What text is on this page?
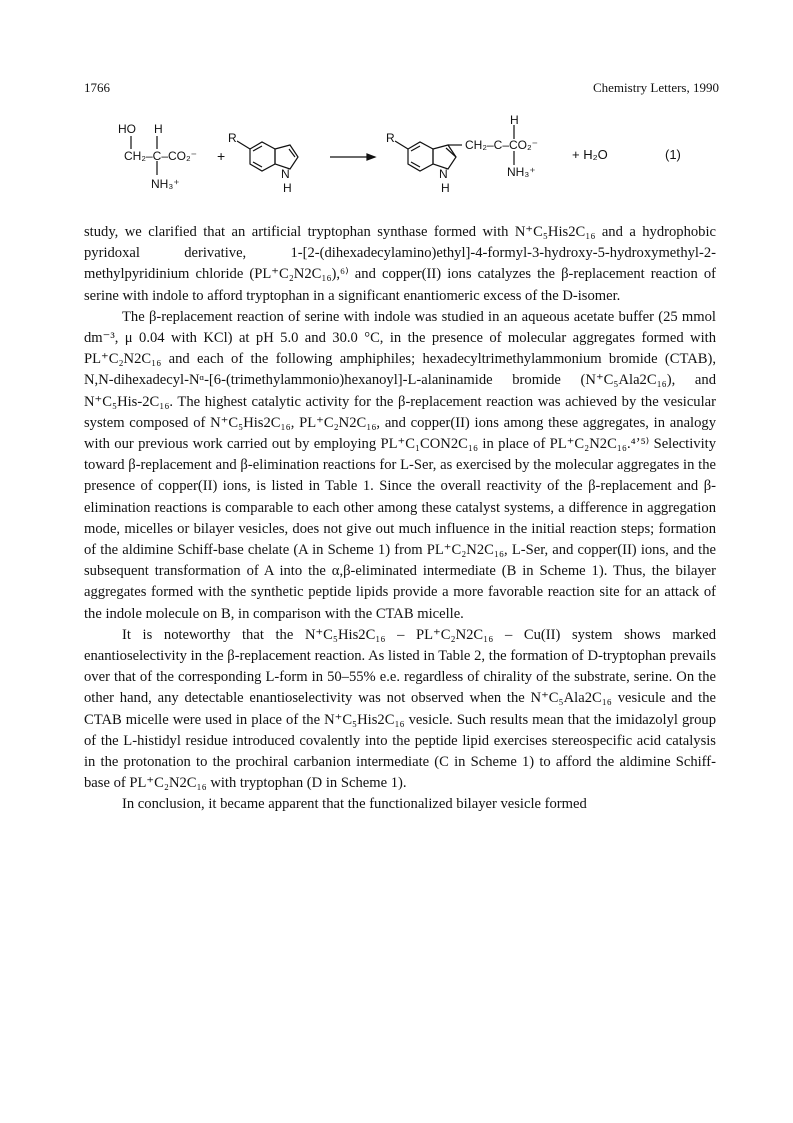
1766	Chemistry Letters, 1990
HO H
CH₂–C–CO₂⁻
NH₃⁺
+
R
N
H
R
H
CH₂–C–CO₂⁻
N
H
NH₃⁺
+ H₂O	(1)

study, we clarified that an artificial tryptophan synthase formed with N⁺C₅His2C₁₆ and a hydrophobic pyridoxal derivative, 1-[2-(dihexadecylamino)ethyl]-4-formyl-3-hydroxy-5-hydroxymethyl-2-methylpyridinium chloride (PL⁺C₂N2C₁₆),⁶⁾ and copper(II) ions catalyzes the β-replacement reaction of serine with indole to afford tryptophan in a significant enantiomeric excess of the D-isomer.

The β-replacement reaction of serine with indole was studied in an aqueous acetate buffer (25 mmol dm⁻³, μ 0.04 with KCl) at pH 5.0 and 30.0 °C, in the presence of molecular aggregates formed with PL⁺C₂N2C₁₆ and each of the following amphiphiles; hexadecyltrimethylammonium bromide (CTAB), N,N-dihexadecyl-Nᵅ-[6-(trimethylammonio)hexanoyl]-L-alaninamide bromide (N⁺C₅Ala2C₁₆), and N⁺C₅His-2C₁₆. The highest catalytic activity for the β-replacement reaction was achieved by the vesicular system composed of N⁺C₅His2C₁₆, PL⁺C₂N2C₁₆, and copper(II) ions among these aggregates, in analogy with our previous work carried out by employing PL⁺C₁CON2C₁₆ in place of PL⁺C₂N2C₁₆.⁴ʼ⁵⁾ Selectivity toward β-replacement and β-elimination reactions for L-Ser, as exercised by the molecular aggregates in the presence of copper(II) ions, is listed in Table 1. Since the overall reactivity of the β-replacement and β-elimination reactions is comparable to each other among these catalyst systems, a difference in aggregation mode, micelles or bilayer vesicles, does not give out much influence in the initial reaction steps; formation of the aldimine Schiff-base chelate (A in Scheme 1) from PL⁺C₂N2C₁₆, L-Ser, and copper(II) ions, and the subsequent transformation of A into the α,β-eliminated intermediate (B in Scheme 1). Thus, the bilayer aggregates formed with the synthetic peptide lipids provide a more favorable reaction site for an attack of the indole molecule on B, in comparison with the CTAB micelle.

It is noteworthy that the N⁺C₅His2C₁₆ – PL⁺C₂N2C₁₆ – Cu(II) system shows marked enantioselectivity in the β-replacement reaction. As listed in Table 2, the formation of D-tryptophan prevails over that of the corresponding L-form in 50–55% e.e. regardless of chirality of the substrate, serine. On the other hand, any detectable enantioselectivity was not observed when the N⁺C₅Ala2C₁₆ vesicule and the CTAB micelle were used in place of the N⁺C₅His2C₁₆ vesicle. Such results mean that the imidazolyl group of the L-histidyl residue introduced covalently into the peptide lipid exercises stereospecific acid catalysis in the protonation to the prochiral carbanion intermediate (C in Scheme 1) to afford the aldimine Schiff-base of PL⁺C₂N2C₁₆ with tryptophan (D in Scheme 1).

In conclusion, it became apparent that the functionalized bilayer vesicle formed
